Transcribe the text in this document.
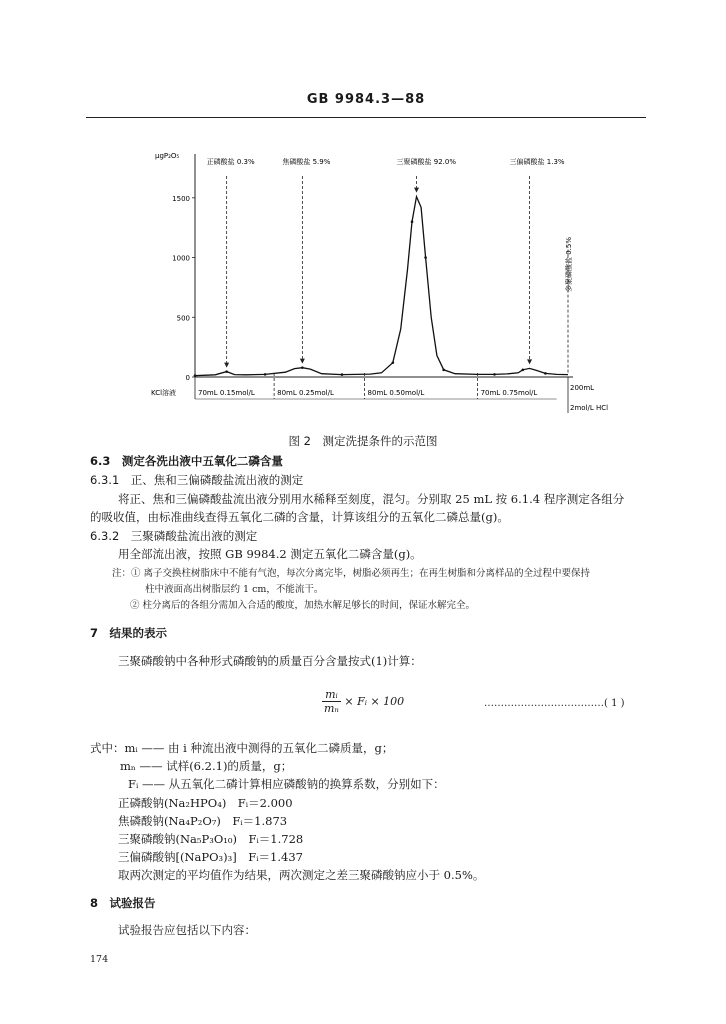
GB 9984.3—88
μgP₂O₅
0
500
1000
1500
正磷酸盐 0.3%	焦磷酸盐 5.9%	三聚磷酸盐 92.0%	三偏磷酸盐 1.3%
多聚磷酸盐 0.5%
KCl溶液	70mL 0.15mol/L	80mL 0.25mol/L	80mL 0.50mol/L	70mL 0.75mol/L
200mL
2mol/L HCl
图 2　测定洗提条件的示范图
6.3　测定各洗出液中五氧化二磷含量
6.3.1　正、焦和三偏磷酸盐流出液的测定
将正、焦和三偏磷酸盐流出液分别用水稀释至刻度，混匀。分别取 25 mL 按 6.1.4 程序测定各组分
的吸收值，由标准曲线查得五氧化二磷的含量，计算该组分的五氧化二磷总量(g)。
6.3.2　三聚磷酸盐流出液的测定
用全部流出液，按照 GB 9984.2 测定五氧化二磷含量(g)。
注：① 离子交换柱树脂床中不能有气泡，每次分离完毕，树脂必须再生；在再生树脂和分离样品的全过程中要保持
柱中液面高出树脂层约 1 cm，不能流干。
② 柱分离后的各组分需加入合适的酸度，加热水解足够长的时间，保证水解完全。
7　结果的表示
三聚磷酸钠中各种形式磷酸钠的质量百分含量按式(1)计算：
$\frac{\text{mᵢ}}{\text{mₙ}}$ × Fᵢ × 100	………………………………( 1 )
式中：mᵢ —— 由 i 种流出液中测得的五氧化二磷质量，g；
mₙ —— 试样(6.2.1)的质量，g；
Fᵢ —— 从五氧化二磷计算相应磷酸钠的换算系数，分别如下：
正磷酸钠(Na₂HPO₄)　Fᵢ＝2.000
焦磷酸钠(Na₄P₂O₇)　Fᵢ＝1.873
三聚磷酸钠(Na₅P₃O₁₀)　Fᵢ＝1.728
三偏磷酸钠[(NaPO₃)₃]　Fᵢ＝1.437
取两次测定的平均值作为结果，两次测定之差三聚磷酸钠应小于 0.5%。
8　试验报告
试验报告应包括以下内容：
174
